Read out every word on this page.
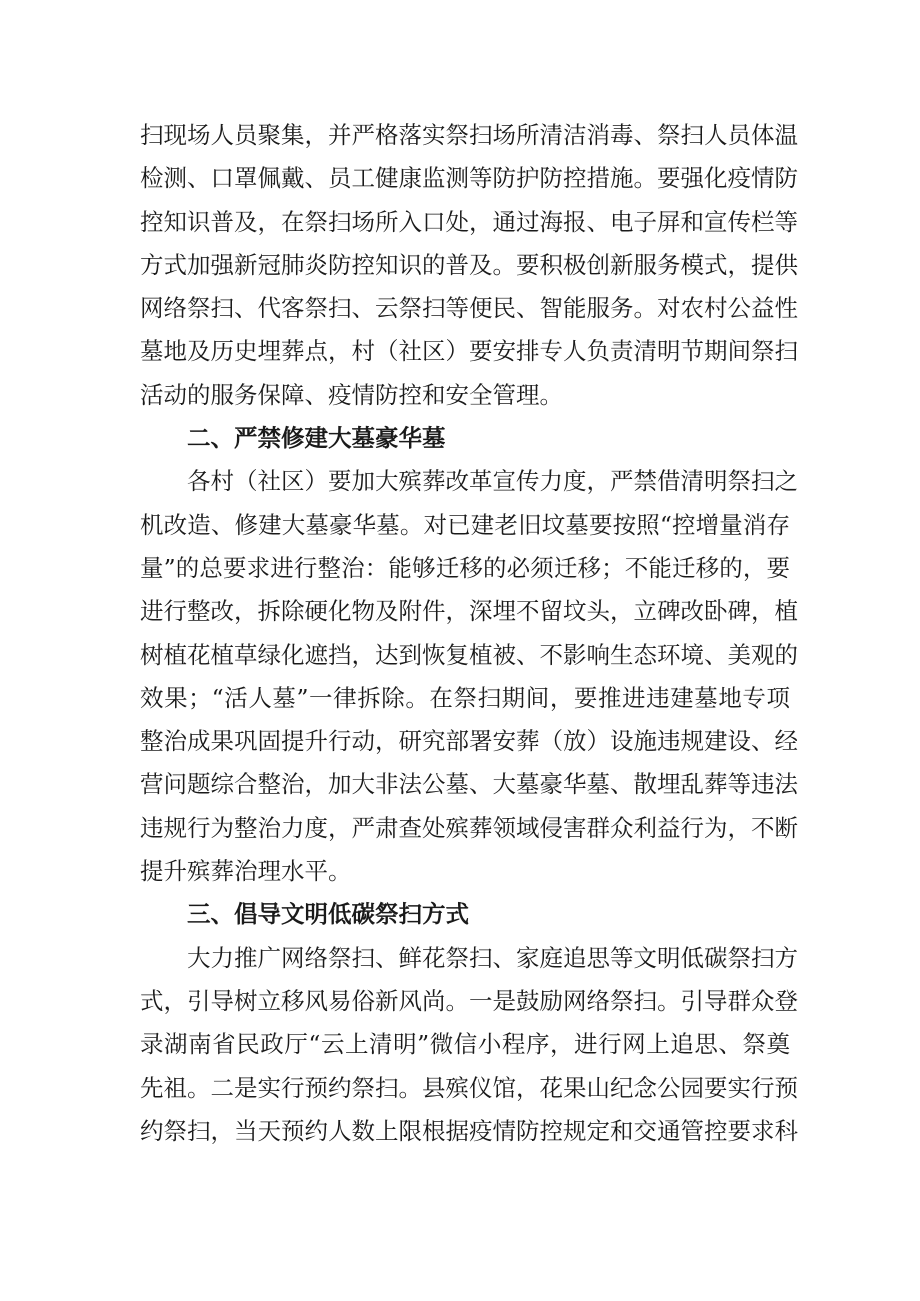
扫现场人员聚集，并严格落实祭扫场所清洁消毒、祭扫人员体温
检测、口罩佩戴、员工健康监测等防护防控措施。要强化疫情防
控知识普及，在祭扫场所入口处，通过海报、电子屏和宣传栏等
方式加强新冠肺炎防控知识的普及。要积极创新服务模式，提供
网络祭扫、代客祭扫、云祭扫等便民、智能服务。对农村公益性
墓地及历史埋葬点，村（社区）要安排专人负责清明节期间祭扫
活动的服务保障、疫情防控和安全管理。
二、严禁修建大墓豪华墓
　　各村（社区）要加大殡葬改革宣传力度，严禁借清明祭扫之
机改造、修建大墓豪华墓。对已建老旧坟墓要按照“控增量消存
量”的总要求进行整治：能够迁移的必须迁移；不能迁移的，要
进行整改，拆除硬化物及附件，深埋不留坟头，立碑改卧碑，植
树植花植草绿化遮挡，达到恢复植被、不影响生态环境、美观的
效果；“活人墓”一律拆除。在祭扫期间，要推进违建墓地专项
整治成果巩固提升行动，研究部署安葬（放）设施违规建设、经
营问题综合整治，加大非法公墓、大墓豪华墓、散埋乱葬等违法
违规行为整治力度，严肃查处殡葬领域侵害群众利益行为，不断
提升殡葬治理水平。
三、倡导文明低碳祭扫方式
　　大力推广网络祭扫、鲜花祭扫、家庭追思等文明低碳祭扫方
式，引导树立移风易俗新风尚。一是鼓励网络祭扫。引导群众登
录湖南省民政厅“云上清明”微信小程序，进行网上追思、祭奠
先祖。二是实行预约祭扫。县殡仪馆，花果山纪念公园要实行预
约祭扫，当天预约人数上限根据疫情防控规定和交通管控要求科
